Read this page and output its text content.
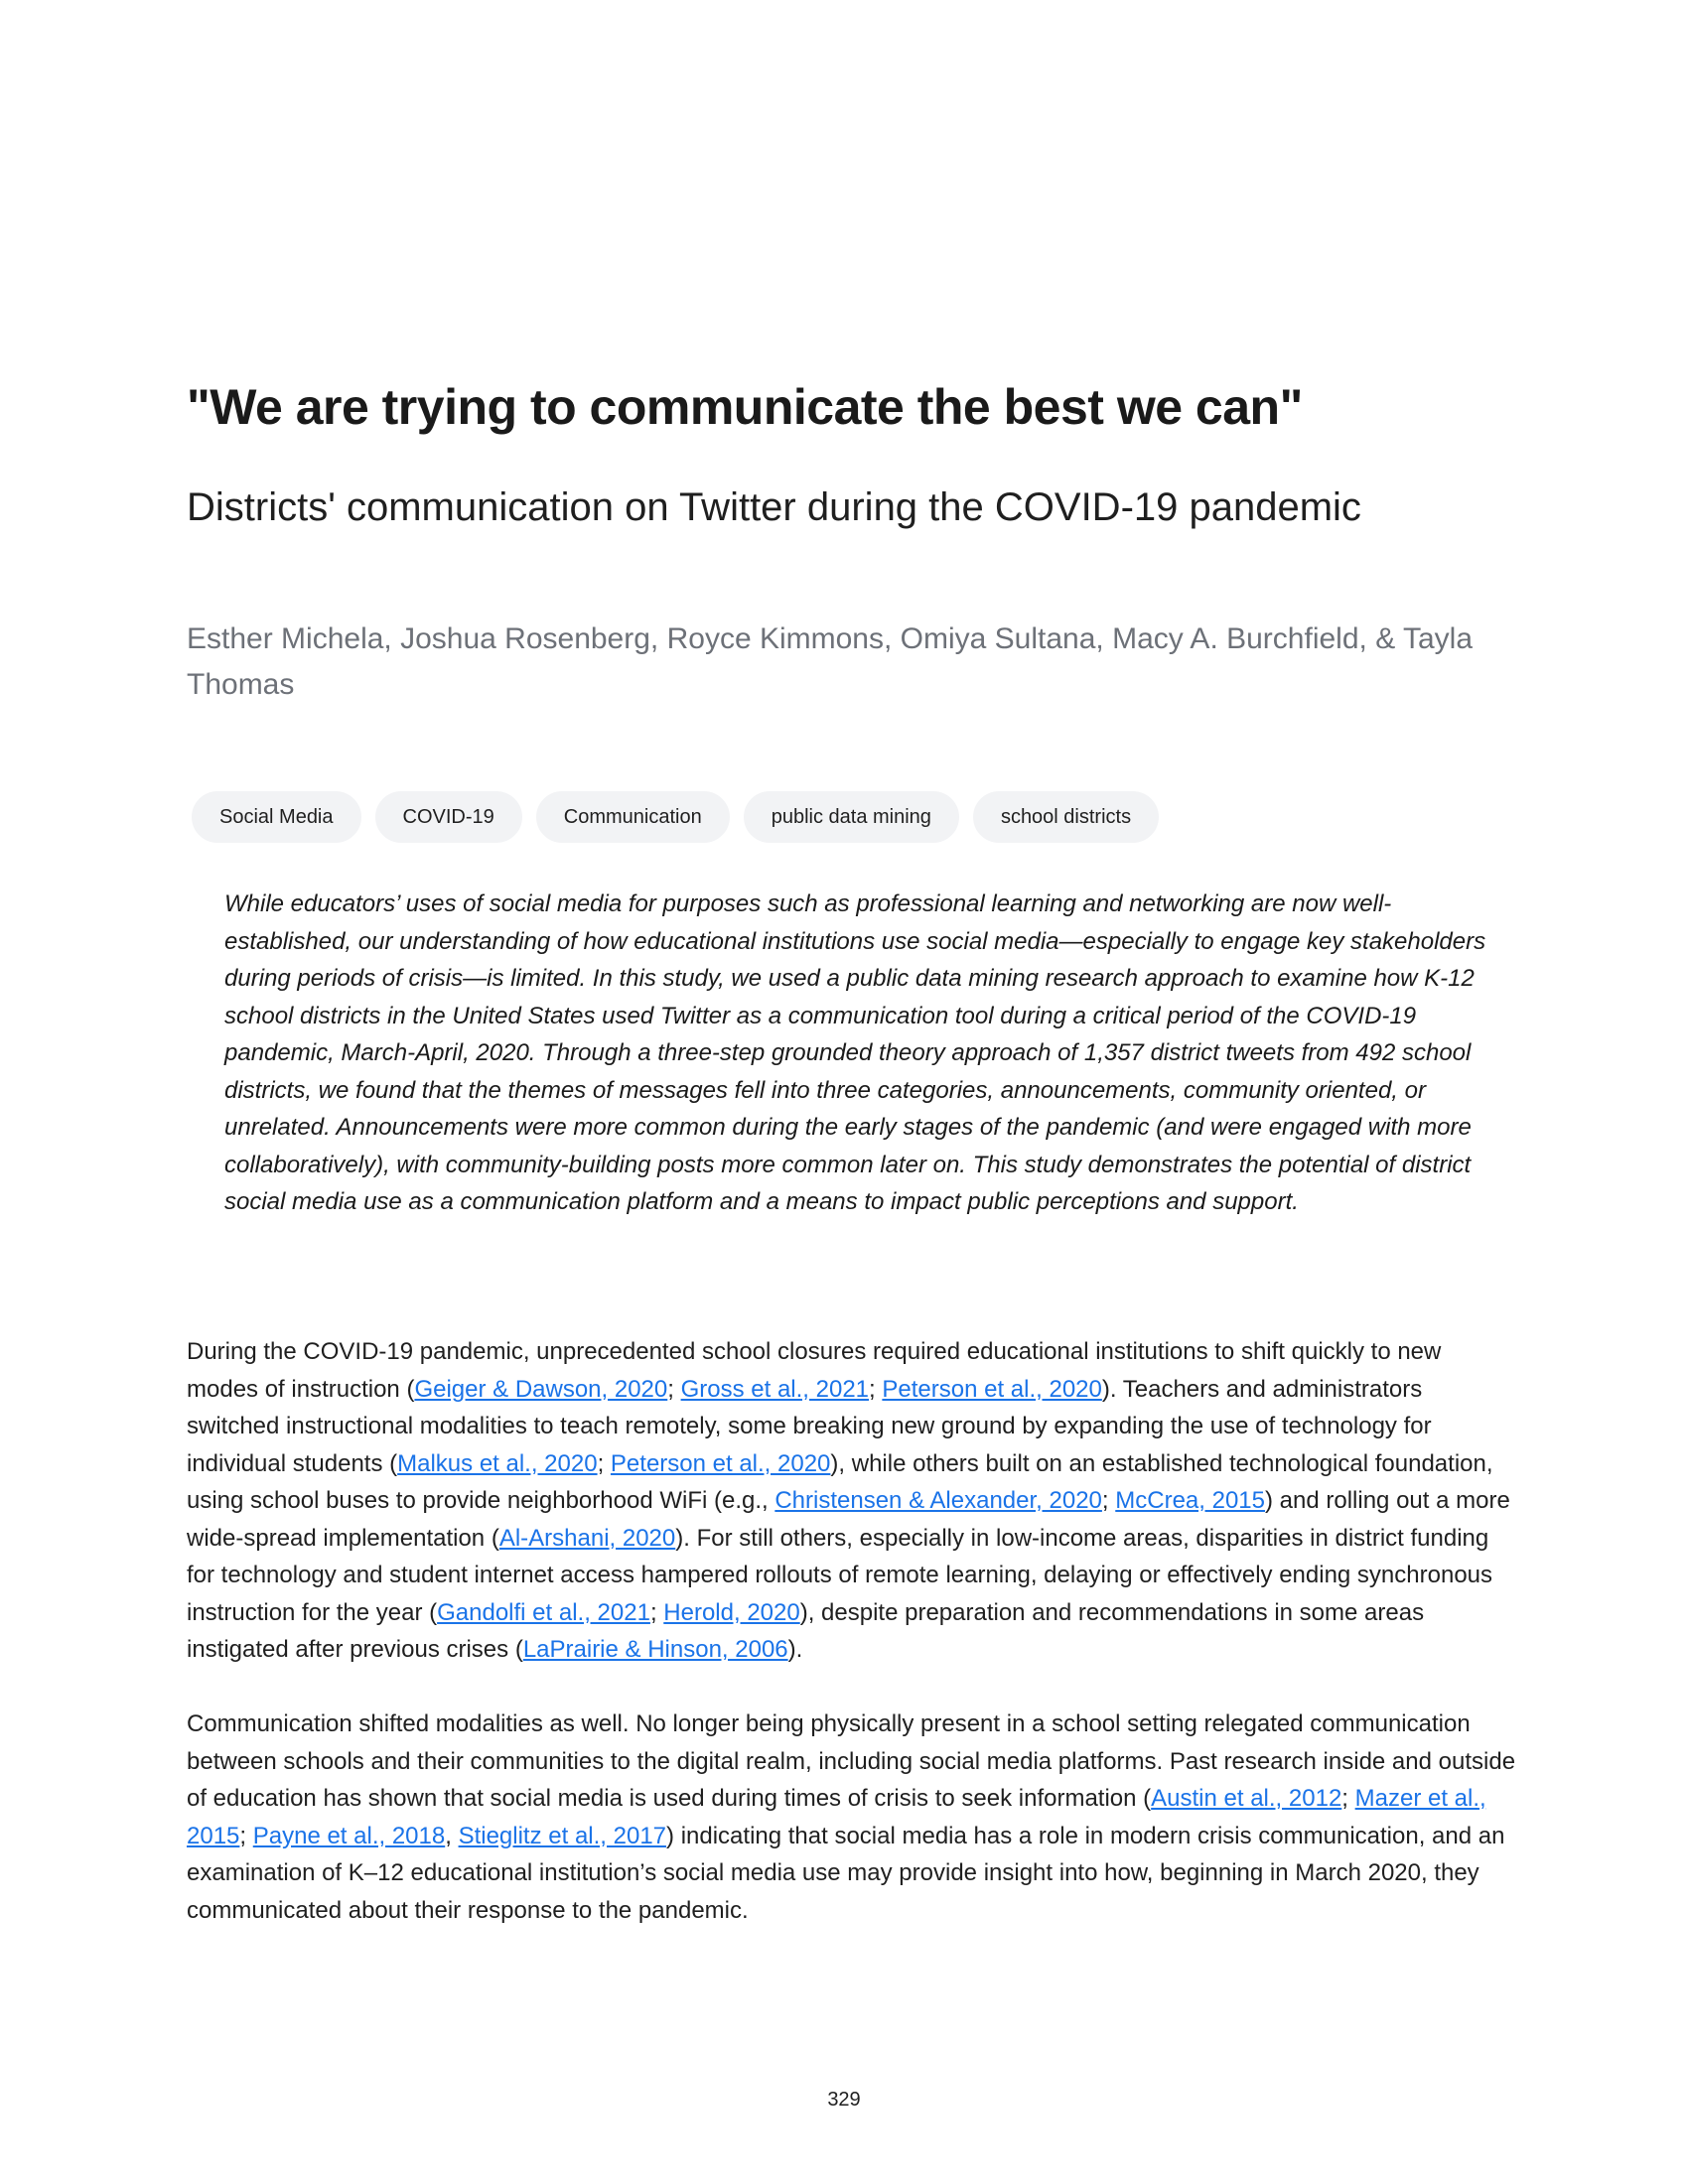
"We are trying to communicate the best we can"
Districts' communication on Twitter during the COVID-19 pandemic

Esther Michela, Joshua Rosenberg, Royce Kimmons, Omiya Sultana, Macy A. Burchfield, & Tayla Thomas

Social Media	COVID-19	Communication	public data mining	school districts

While educators’ uses of social media for purposes such as professional learning and networking are now well-established, our understanding of how educational institutions use social media—especially to engage key stakeholders during periods of crisis—is limited. In this study, we used a public data mining research approach to examine how K-12 school districts in the United States used Twitter as a communication tool during a critical period of the COVID-19 pandemic, March-April, 2020. Through a three-step grounded theory approach of 1,357 district tweets from 492 school districts, we found that the themes of messages fell into three categories, announcements, community oriented, or unrelated. Announcements were more common during the early stages of the pandemic (and were engaged with more collaboratively), with community-building posts more common later on. This study demonstrates the potential of district social media use as a communication platform and a means to impact public perceptions and support.

During the COVID-19 pandemic, unprecedented school closures required educational institutions to shift quickly to new modes of instruction (Geiger & Dawson, 2020; Gross et al., 2021; Peterson et al., 2020). Teachers and administrators switched instructional modalities to teach remotely, some breaking new ground by expanding the use of technology for individual students (Malkus et al., 2020; Peterson et al., 2020), while others built on an established technological foundation, using school buses to provide neighborhood WiFi (e.g., Christensen & Alexander, 2020; McCrea, 2015) and rolling out a more wide-spread implementation (Al-Arshani, 2020). For still others, especially in low-income areas, disparities in district funding for technology and student internet access hampered rollouts of remote learning, delaying or effectively ending synchronous instruction for the year (Gandolfi et al., 2021; Herold, 2020), despite preparation and recommendations in some areas instigated after previous crises (LaPrairie & Hinson, 2006).

Communication shifted modalities as well. No longer being physically present in a school setting relegated communication between schools and their communities to the digital realm, including social media platforms. Past research inside and outside of education has shown that social media is used during times of crisis to seek information (Austin et al., 2012; Mazer et al., 2015; Payne et al., 2018, Stieglitz et al., 2017) indicating that social media has a role in modern crisis communication, and an examination of K–12 educational institution’s social media use may provide insight into how, beginning in March 2020, they communicated about their response to the pandemic.

329
